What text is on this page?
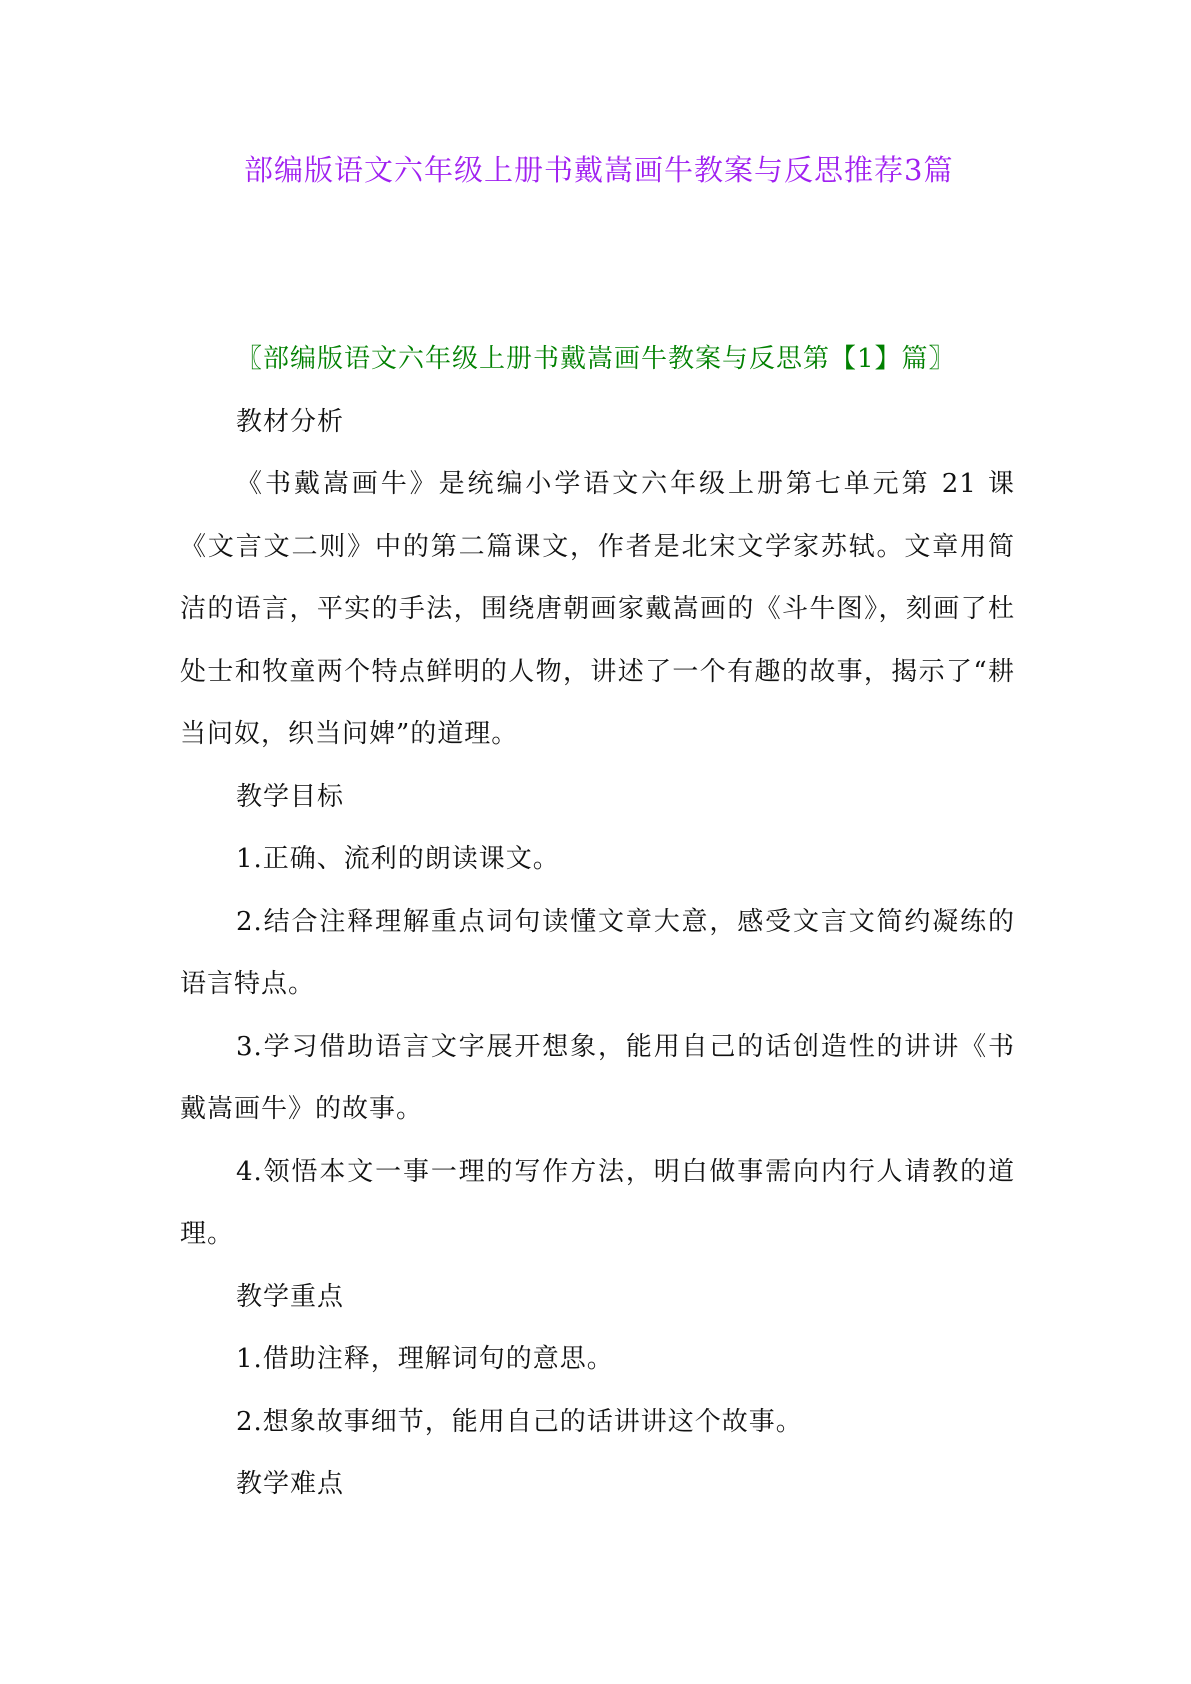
部编版语文六年级上册书戴嵩画牛教案与反思推荐3篇

〖部编版语文六年级上册书戴嵩画牛教案与反思第【1】篇〗

教材分析

《书戴嵩画牛》是统编小学语文六年级上册第七单元第 21 课《文言文二则》中的第二篇课文，作者是北宋文学家苏轼。文章用简洁的语言，平实的手法，围绕唐朝画家戴嵩画的《斗牛图》，刻画了杜处士和牧童两个特点鲜明的人物，讲述了一个有趣的故事，揭示了“耕当问奴，织当问婢”的道理。

教学目标

1.正确、流利的朗读课文。

2.结合注释理解重点词句读懂文章大意，感受文言文简约凝练的语言特点。

3.学习借助语言文字展开想象，能用自己的话创造性的讲讲《书戴嵩画牛》的故事。

4.领悟本文一事一理的写作方法，明白做事需向内行人请教的道理。

教学重点

1.借助注释，理解词句的意思。

2.想象故事细节，能用自己的话讲讲这个故事。

教学难点
